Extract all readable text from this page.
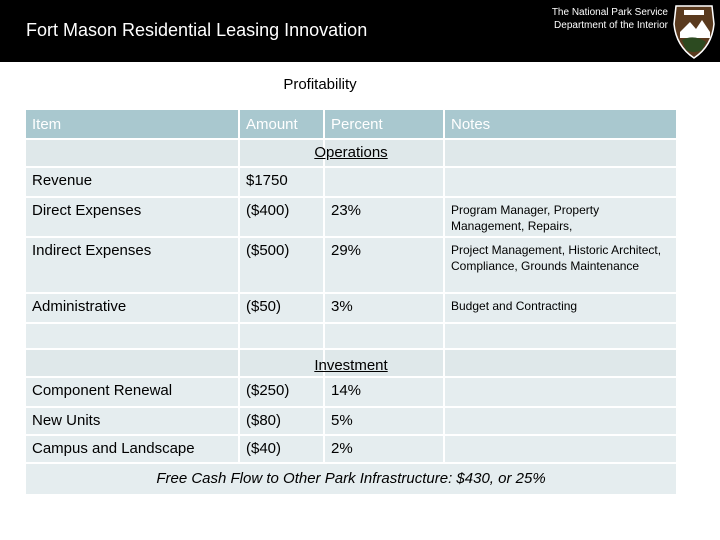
Fort Mason Residential Leasing Innovation
The National Park Service
Department of the Interior
Profitability
Item	Amount	Percent	Notes
Operations
Revenue	$1750
Direct Expenses	($400)	23%	Program Manager, Property Management, Repairs,
Indirect Expenses	($500)	29%	Project Management, Historic Architect, Compliance, Grounds Maintenance
Administrative	($50)	3%	Budget and Contracting
Investment
Component Renewal	($250)	14%
New Units	($80)	5%
Campus and Landscape	($40)	2%
Free Cash Flow to Other Park Infrastructure: $430, or 25%
